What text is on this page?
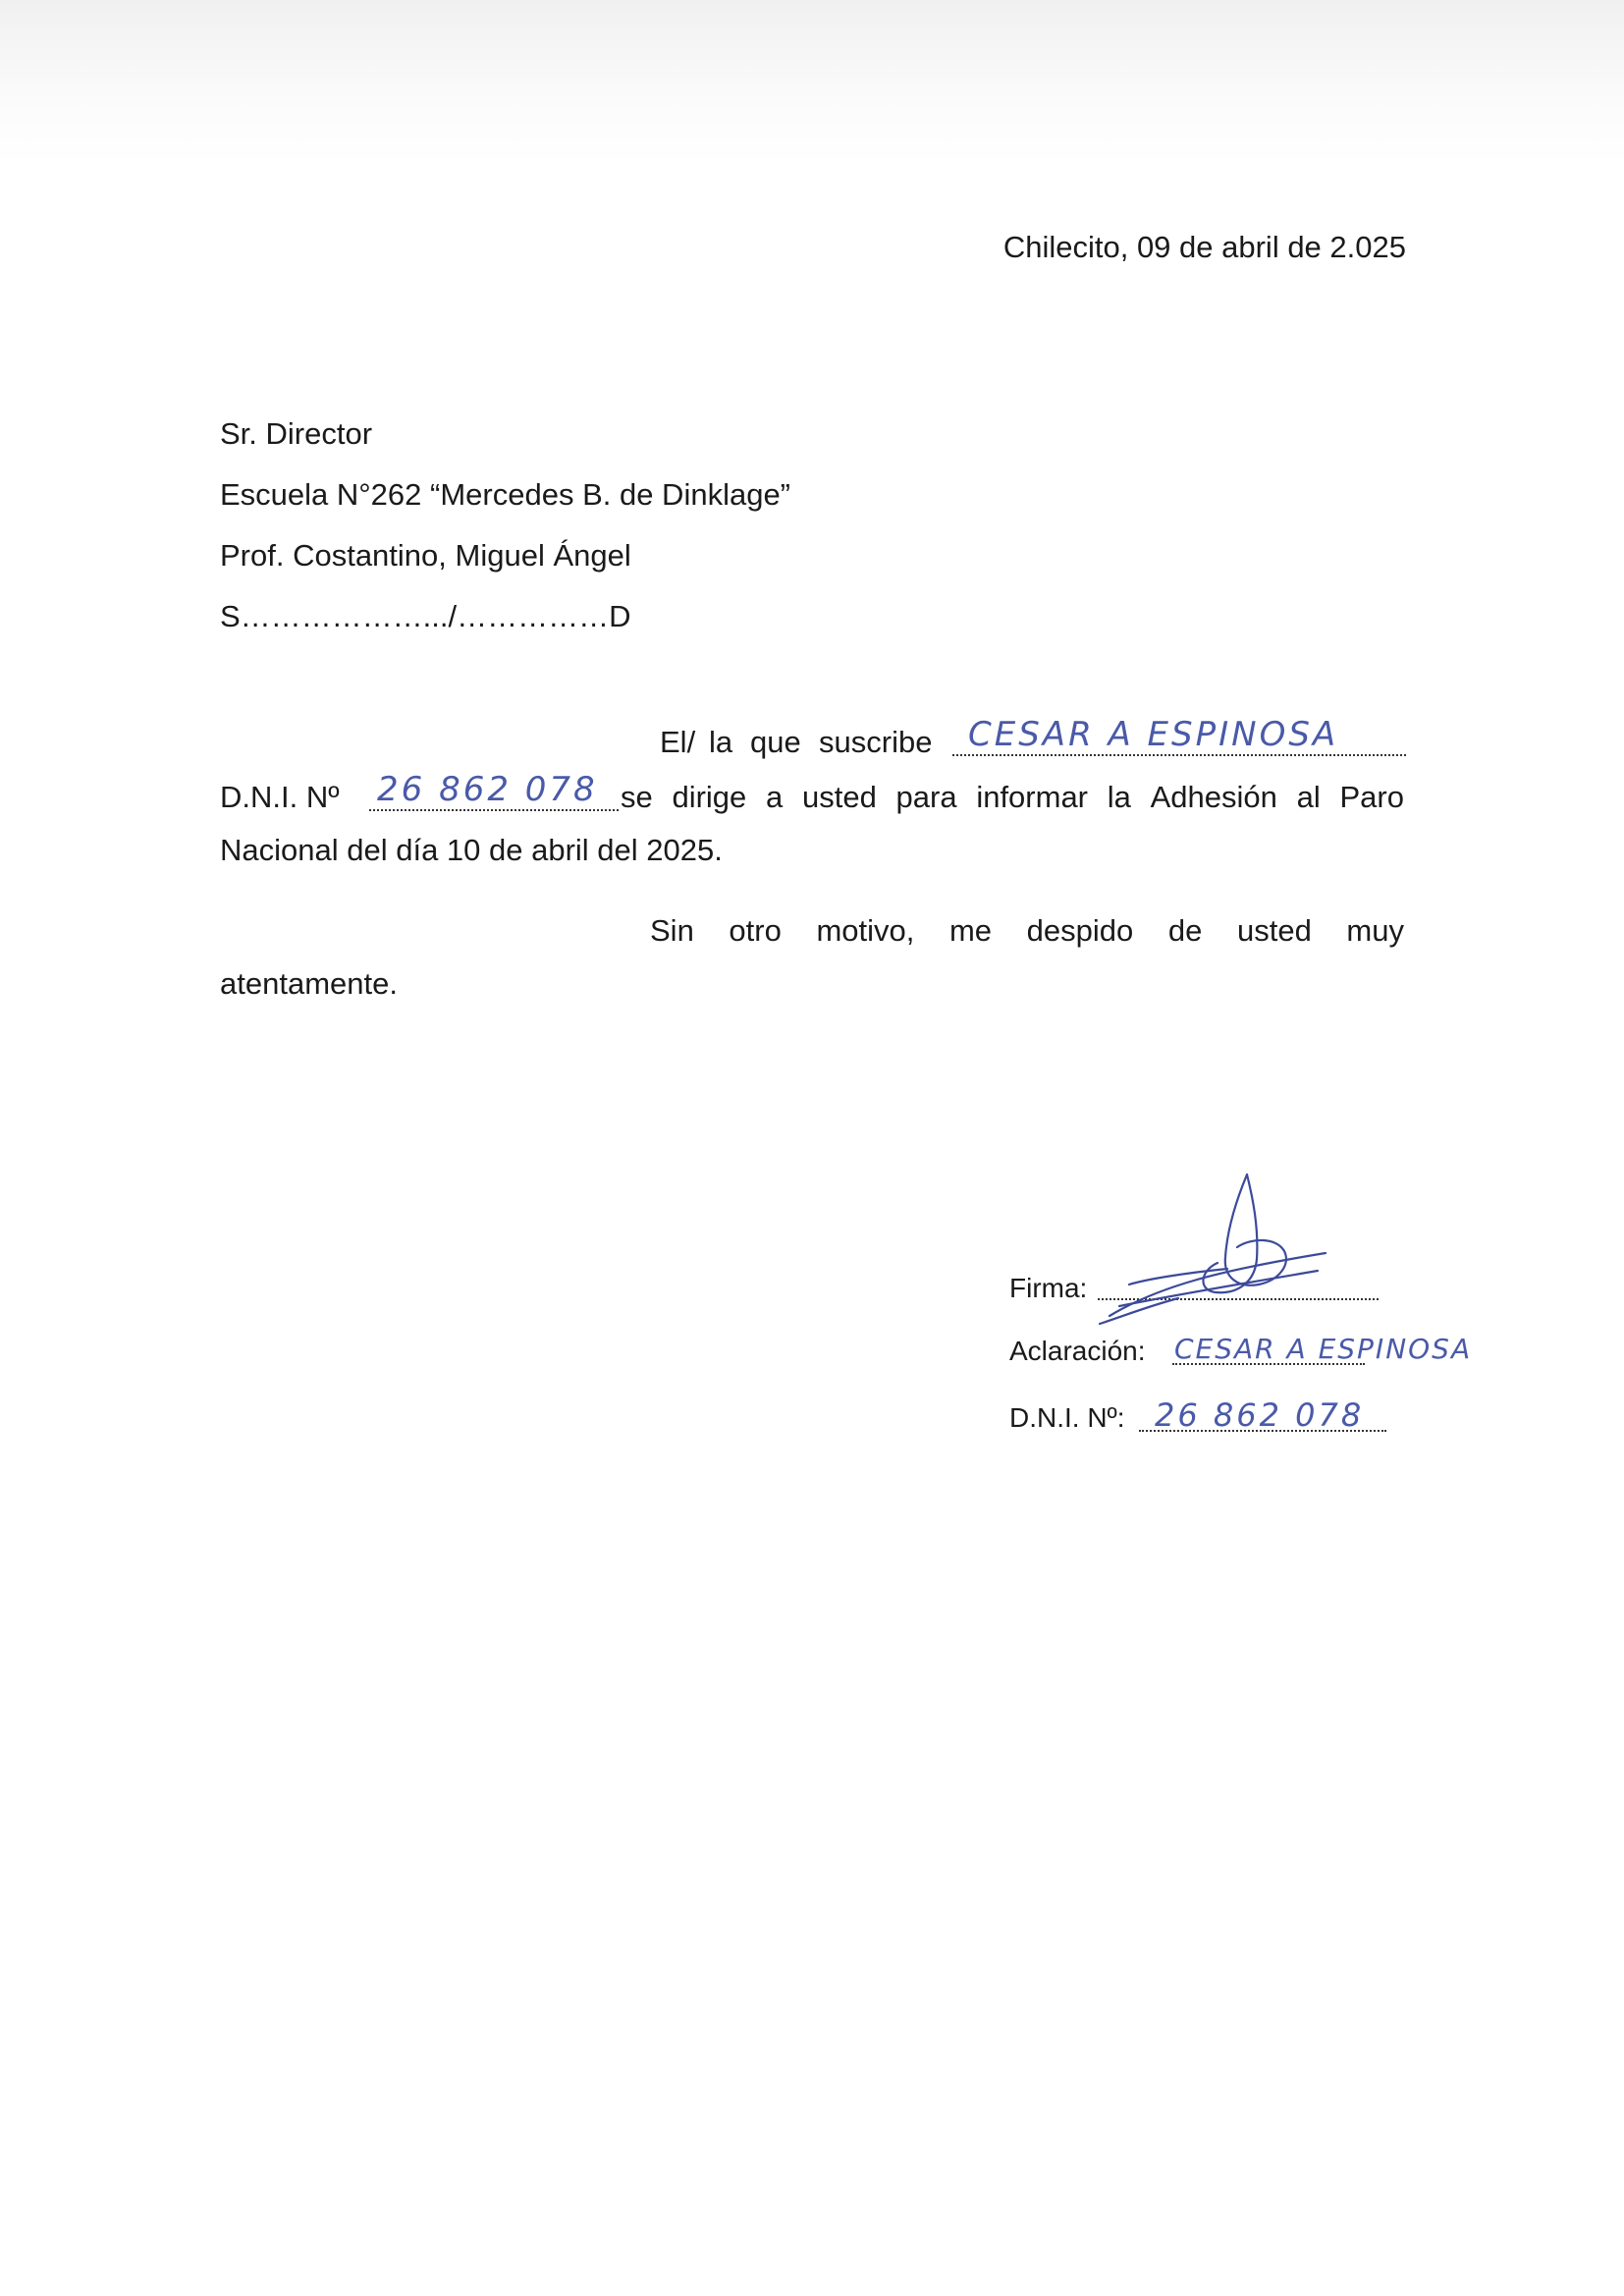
Chilecito, 09 de abril de 2.025
Sr. Director
Escuela N°262 “Mercedes B. de Dinklage”
Prof. Costantino, Miguel Ángel
S……………….../……………D
El/ la que suscribe CESAR A ESPINOSA
D.N.I. Nº 26 862 078 se dirige a usted para informar la Adhesión al Paro
Nacional del día 10 de abril del 2025.
Sin otro motivo, me despido de usted muy
atentamente.
Firma:
Aclaración: CESAR A ESPINOSA
D.N.I. Nº: 26 862 078
